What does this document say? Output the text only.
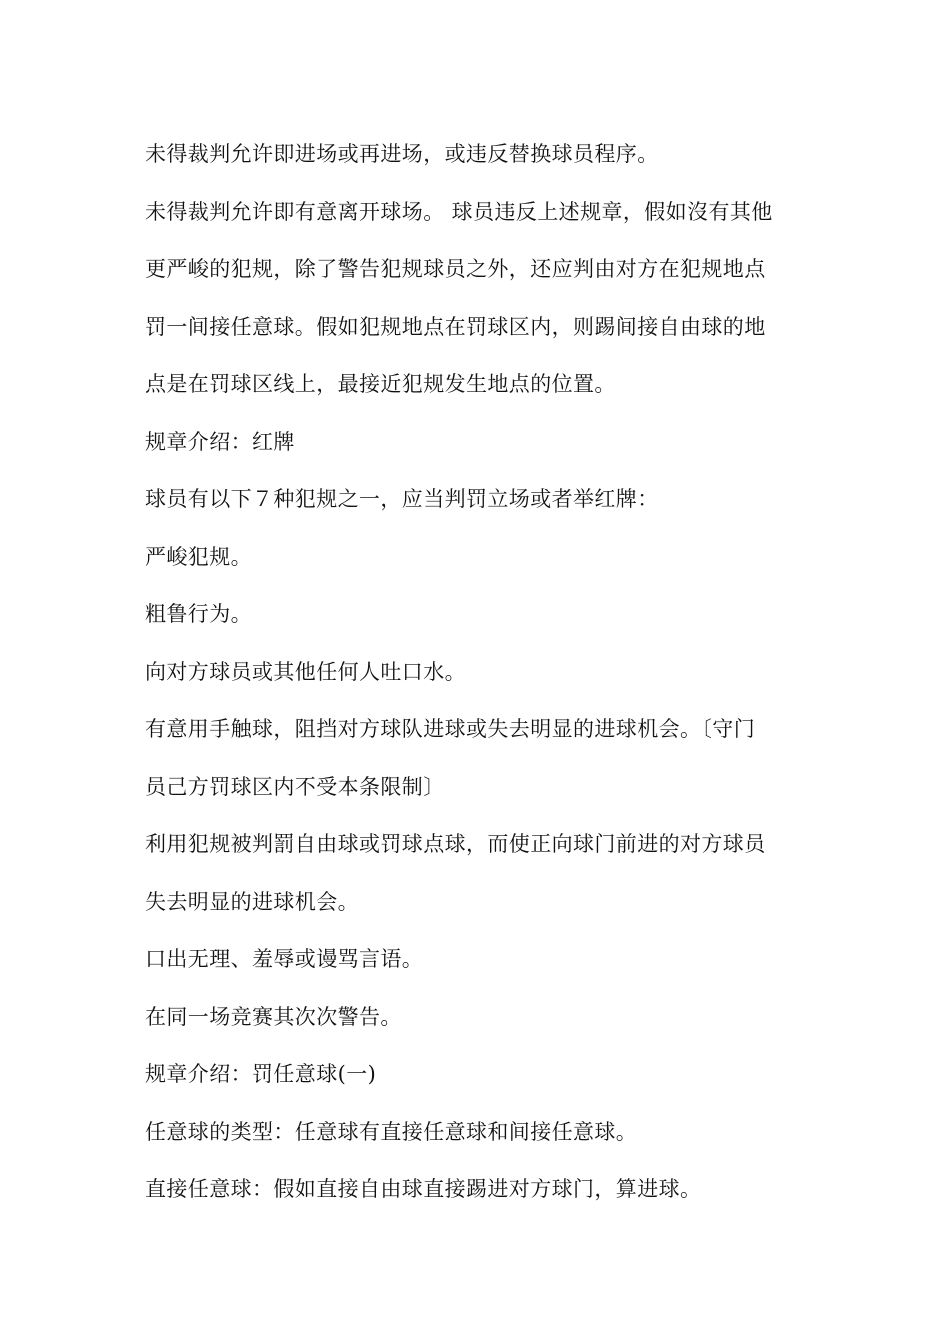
未得裁判允许即进场或再进场，或违反替换球员程序。
未得裁判允许即有意离开球场。 球员违反上述规章，假如沒有其他
更严峻的犯规，除了警告犯规球员之外，还应判由对方在犯规地点
罚一间接任意球。假如犯规地点在罚球区内，则踢间接自由球的地
点是在罚球区线上，最接近犯规发生地点的位置。
规章介绍：红牌
球员有以下７种犯规之一，应当判罚立场或者举红牌：
严峻犯规。
粗鲁行为。
向对方球员或其他任何人吐口水。
有意用手触球，阻挡对方球队进球或失去明显的进球机会。〔守门
员己方罚球区内不受本条限制〕
利用犯规被判罰自由球或罚球点球，而使正向球门前进的对方球员
失去明显的进球机会。
口出无理、羞辱或谩骂言语。
在同一场竞赛其次次警告。
规章介绍：罚任意球(一)
任意球的类型：任意球有直接任意球和间接任意球。
直接任意球：假如直接自由球直接踢进对方球门，算进球。
